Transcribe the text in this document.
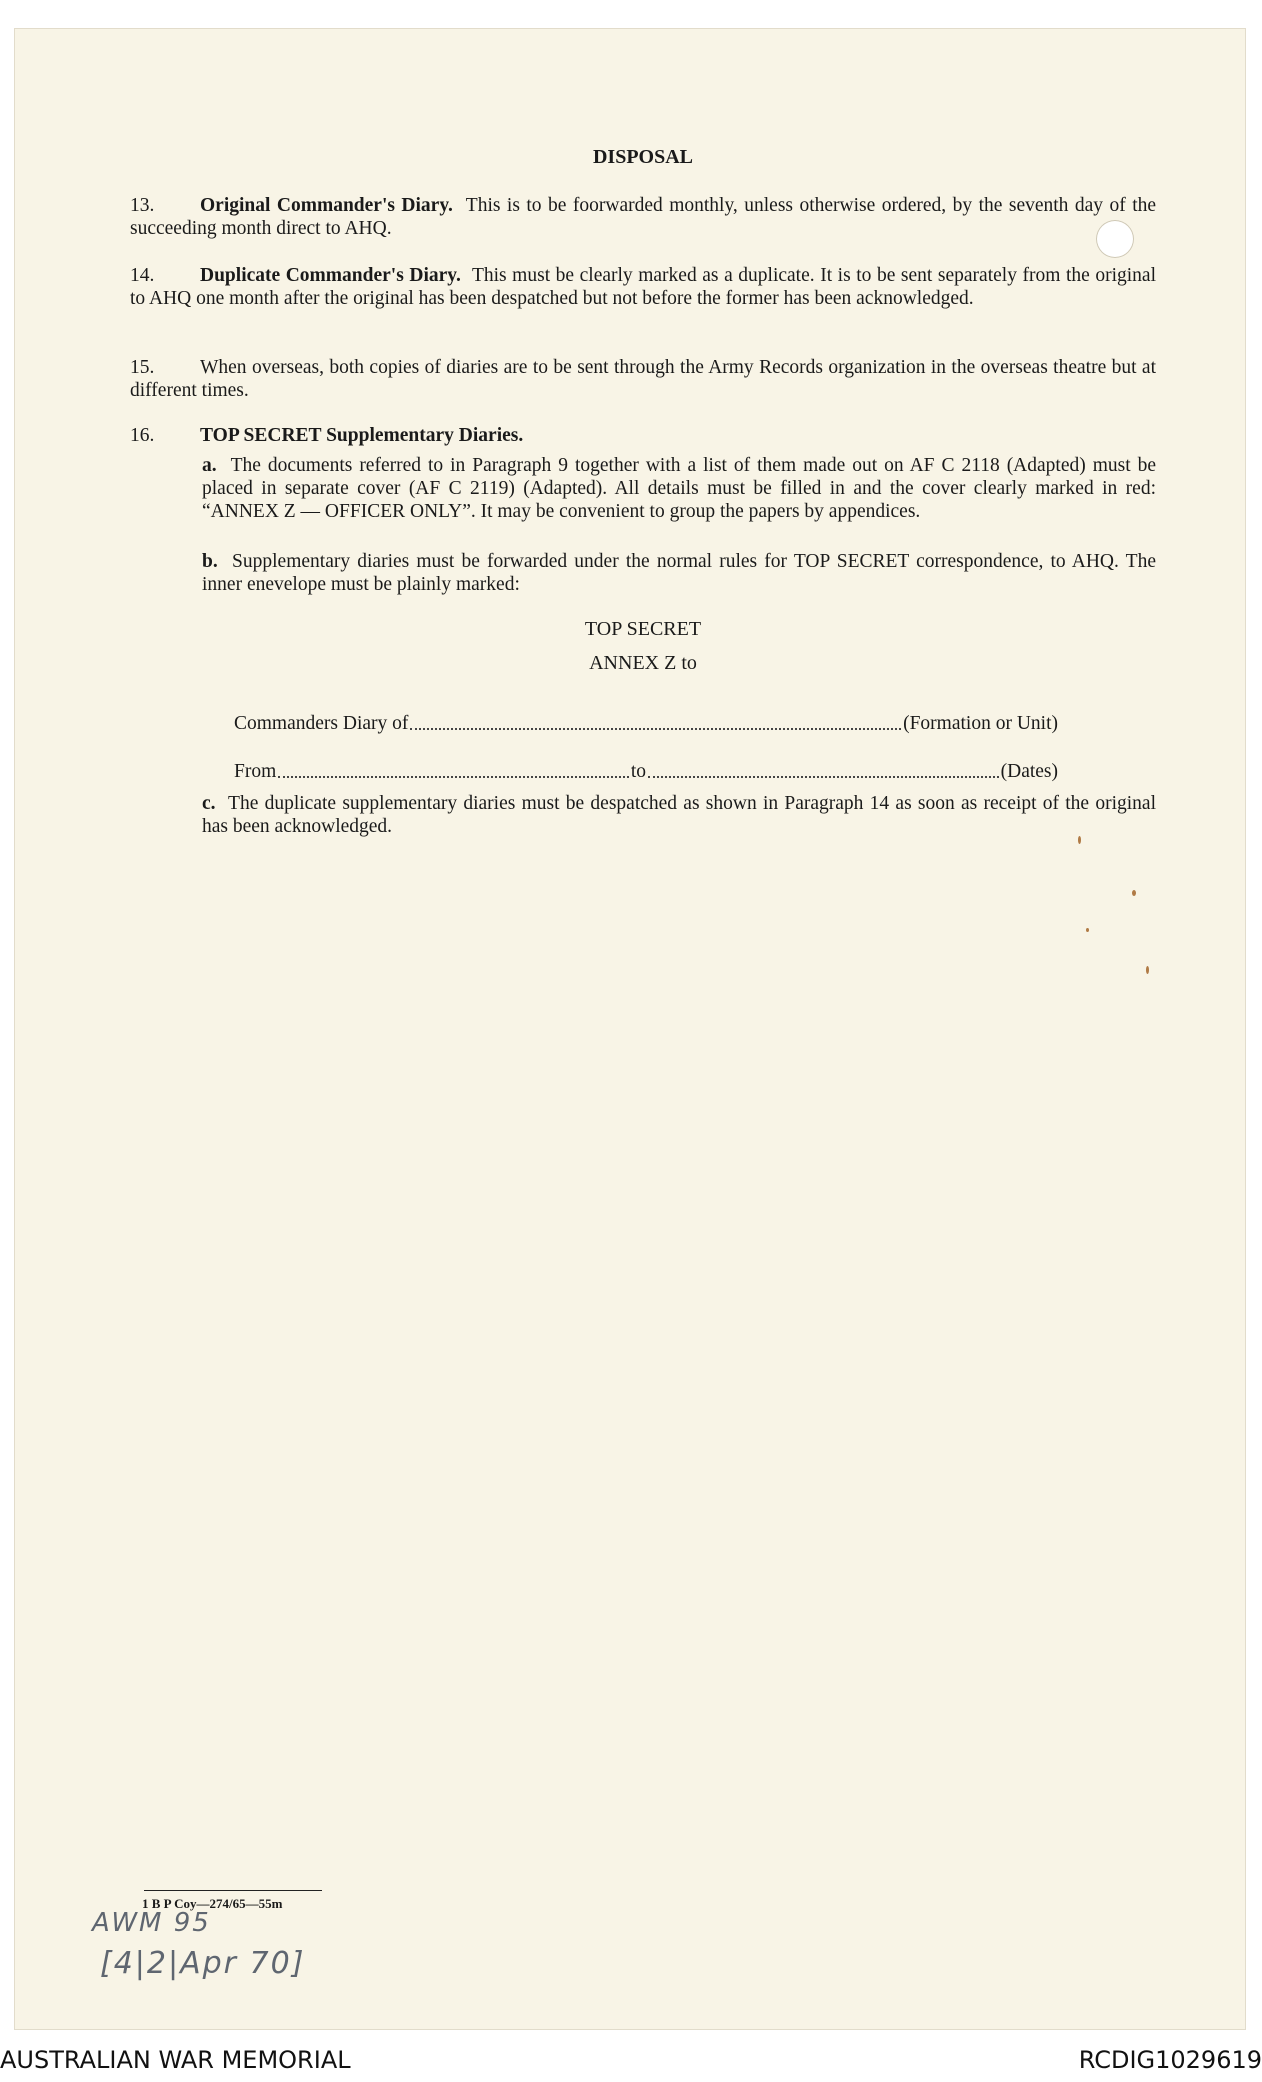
DISPOSAL
13. Original Commander's Diary. This is to be foorwarded monthly, unless otherwise ordered, by the seventh day of the succeeding month direct to AHQ.
14. Duplicate Commander's Diary. This must be clearly marked as a duplicate. It is to be sent separately from the original to AHQ one month after the original has been despatched but not before the former has been acknowledged.
15. When overseas, both copies of diaries are to be sent through the Army Records organization in the overseas theatre but at different times.
16. TOP SECRET Supplementary Diaries.
a. The documents referred to in Paragraph 9 together with a list of them made out on AF C 2118 (Adapted) must be placed in separate cover (AF C 2119) (Adapted). All details must be filled in and the cover clearly marked in red: “ANNEX Z — OFFICER ONLY”. It may be convenient to group the papers by appendices.
b. Supplementary diaries must be forwarded under the normal rules for TOP SECRET correspondence, to AHQ. The inner enevelope must be plainly marked:
TOP SECRET
ANNEX Z to
Commanders Diary of	(Formation or Unit)
From	to	(Dates)
c. The duplicate supplementary diaries must be despatched as shown in Paragraph 14 as soon as receipt of the original has been acknowledged.
1 B P Coy—274/65—55m
AWM 95
[4|2|Apr 70]
AUSTRALIAN WAR MEMORIAL	RCDIG1029619
